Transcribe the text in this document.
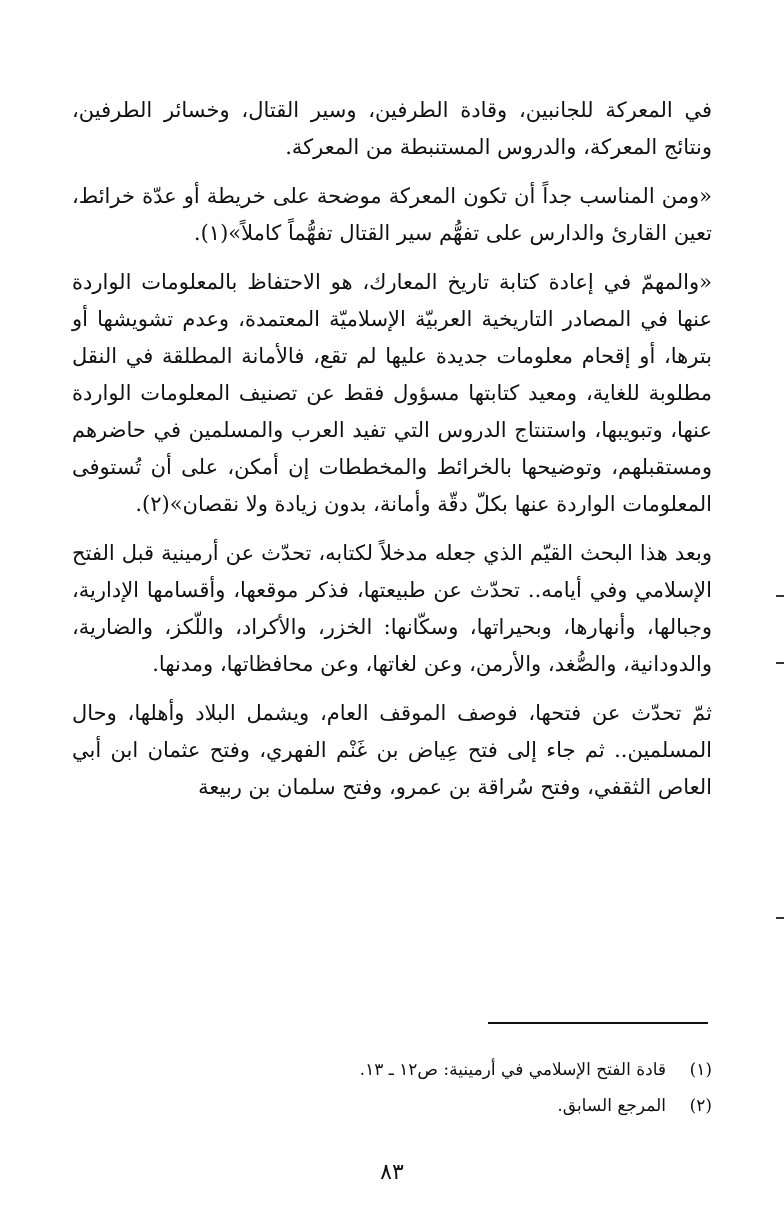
في المعركة للجانبين، وقادة الطرفين، وسير القتال، وخسائر الطرفين، ونتائج المعركة، والدروس المستنبطة من المعركة.

«ومن المناسب جداً أن تكون المعركة موضحة على خريطة أو عدّة خرائط، تعين القارئ والدارس على تفهُّم سير القتال تفهُّماً كاملاً»(١).

«والمهمّ في إعادة كتابة تاريخ المعارك، هو الاحتفاظ بالمعلومات الواردة عنها في المصادر التاريخية العربيّة الإسلاميّة المعتمدة، وعدم تشويشها أو بترها، أو إقحام معلومات جديدة عليها لم تقع، فالأمانة المطلقة في النقل مطلوبة للغاية، ومعيد كتابتها مسؤول فقط عن تصنيف المعلومات الواردة عنها، وتبويبها، واستنتاج الدروس التي تفيد العرب والمسلمين في حاضرهم ومستقبلهم، وتوضيحها بالخرائط والمخططات إن أمكن، على أن تُستوفى المعلومات الواردة عنها بكلّ دقّة وأمانة، بدون زيادة ولا نقصان»(٢).

وبعد هذا البحث القيّم الذي جعله مدخلاً لكتابه، تحدّث عن أرمينية قبل الفتح الإسلامي وفي أيامه.. تحدّث عن طبيعتها، فذكر موقعها، وأقسامها الإدارية، وجبالها، وأنهارها، وبحيراتها، وسكّانها: الخزر، والأكراد، واللّكز، والضارية، والدودانية، والصُّغد، والأرمن، وعن لغاتها، وعن محافظاتها، ومدنها.

ثمّ تحدّث عن فتحها، فوصف الموقف العام، ويشمل البلاد وأهلها، وحال المسلمين.. ثم جاء إلى فتح عِياض بن غَنْم الفهري، وفتح عثمان ابن أبي العاص الثقفي، وفتح سُراقة بن عمرو، وفتح سلمان بن ربيعة

(١)
قادة الفتح الإسلامي في أرمينية: ص١٢ ـ ١٣.
(٢)
المرجع السابق.
٨٣
